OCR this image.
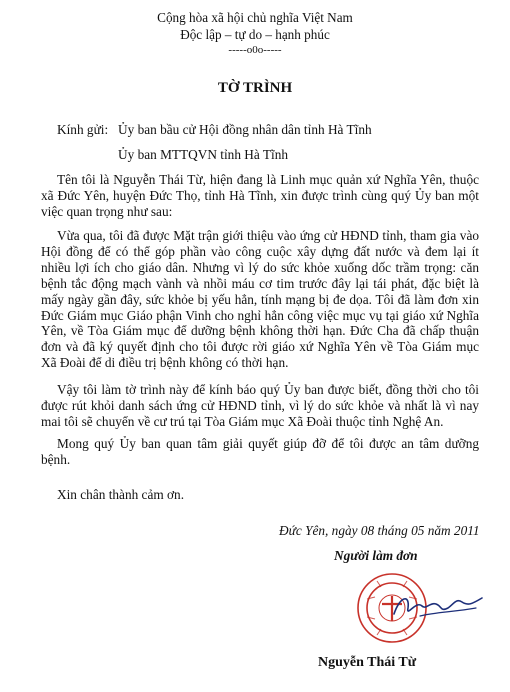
Cộng hòa xã hội chủ nghĩa Việt Nam
Độc lập – tự do – hạnh phúc
-----o0o-----
TỜ TRÌNH
Kính gửi: Ủy ban bầu cử Hội đồng nhân dân tỉnh Hà Tĩnh
Ủy ban MTTQVN tỉnh Hà Tĩnh
Tên tôi là Nguyễn Thái Từ, hiện đang là Linh mục quản xứ Nghĩa Yên, thuộc xã Đức Yên, huyện Đức Thọ, tỉnh Hà Tĩnh, xin được trình cùng quý Ủy ban một việc quan trọng như sau:
Vừa qua, tôi đã được Mặt trận giới thiệu vào ứng cử HĐND tỉnh, tham gia vào Hội đồng để có thể góp phần vào công cuộc xây dựng đất nước và đem lại ít nhiều lợi ích cho giáo dân. Nhưng vì lý do sức khỏe xuống dốc trầm trọng: căn bệnh tắc động mạch vành và nhồi máu cơ tim trước đây lại tái phát, đặc biệt là mấy ngày gần đây, sức khỏe bị yếu hẳn, tính mạng bị đe dọa. Tôi đã làm đơn xin Đức Giám mục Giáo phận Vinh cho nghỉ hẳn công việc mục vụ tại giáo xứ Nghĩa Yên, về Tòa Giám mục để dưỡng bệnh không thời hạn. Đức Cha đã chấp thuận đơn và đã ký quyết định cho tôi được rời giáo xứ Nghĩa Yên về Tòa Giám mục Xã Đoài để di điều trị bệnh không có thời hạn.
Vậy tôi làm tờ trình này để kính báo quý Ủy ban được biết, đồng thời cho tôi được rút khỏi danh sách ứng cử HĐND tỉnh, vì lý do sức khỏe và nhất là vì nay mai tôi sẽ chuyển về cư trú tại Tòa Giám mục Xã Đoài thuộc tỉnh Nghệ An.
Mong quý Ủy ban quan tâm giải quyết giúp đỡ để tôi được an tâm dưỡng bệnh.
Xin chân thành cảm ơn.
Đức Yên, ngày 08 tháng 05 năm 2011
Người làm đơn
Nguyễn Thái Từ
